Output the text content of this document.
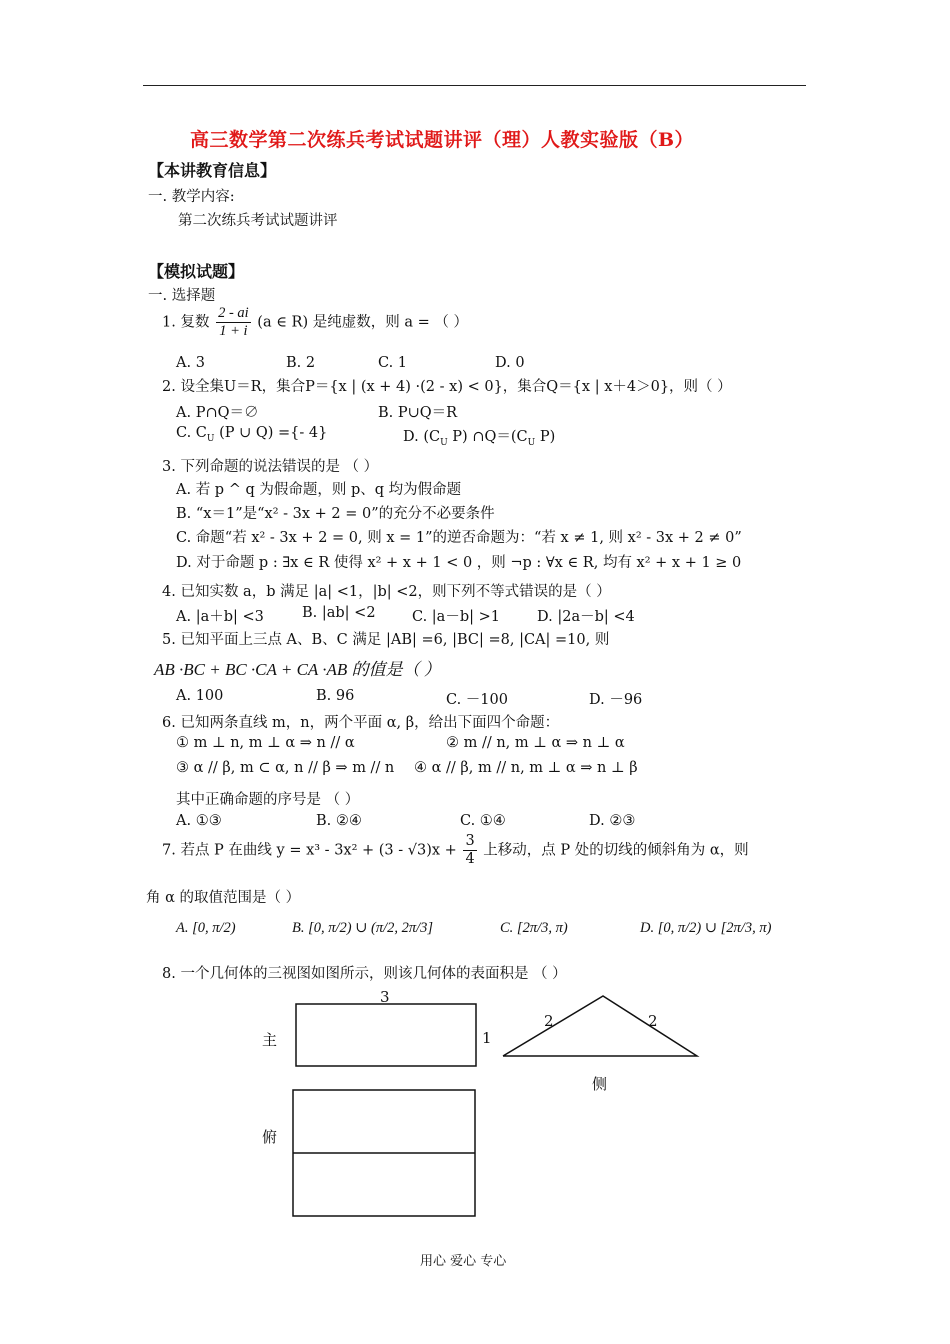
高三数学第二次练兵考试试题讲评（理）人教实验版（B）
【本讲教育信息】
一. 教学内容:
第二次练兵考试试题讲评
【模拟试题】
一. 选择题
1. 复数 $\frac{2 - ai}{1 + i} (a$ ∈ R) 是纯虚数，则 a = （ ）
A. 3	B. 2	C. 1	D. 0
2. 设全集U＝R，集合P＝{x | (x + 4) ·(2 - x) < 0}，集合Q＝{x | x＋4＞0}，则（ ）
A. P∩Q＝∅	B. P∪Q＝R
C. $C_U$ (P ∪ Q) ={- 4}	D. ($C_U$ P) $\cap Q=(C_U$ P)
3. 下列命题的说法错误的是 （ ）
A. 若 p ^ q 为假命题，则 p、q 均为假命题
B. “x＝1”是“x² - 3x + 2 = 0”的充分不必要条件
C. 命题“若 x² - 3x + 2 = 0, 则 x = 1”的逆否命题为：“若 x ≠ 1, 则 x² - 3x + 2 ≠ 0”
D. 对于命题 p : ∃x ∈ R 使得 x² + x + 1 < 0 ，则 ¬p : ∀x ∈ R, 均有 x² + x + 1 ≥ 0
4. 已知实数 a，b 满足 |a| <1，|b| <2，则下列不等式错误的是（ ）
A. |a＋b| <3	B. |ab| <2	C. |a－b| >1	D. |2a－b| <4
5. 已知平面上三点 A、B、C 满足 |AB| =6, |BC| =8, |CA| =10, 则
AB ·BC + BC ·CA + CA ·AB 的值是（ ）
A. 100	B. 96	C. －100	D. －96
6. 已知两条直线 m，n，两个平面 α, β，给出下面四个命题：
① m ⊥ n, m ⊥ α ⇒ n // α	② m // n, m ⊥ α ⇒ n ⊥ α
③ α // β, m ⊂ α, n // β ⇒ m // n ④ α // β, m // n, m ⊥ α ⇒ n ⊥ β
其中正确命题的序号是 （ ）
A. ①③	B. ②④	C. ①④	D. ②③
7. 若点 P 在曲线 $y = x^3 - 3x^2 + (3 - √3)x + \frac{3}{4}$ 上移动，点 P 处的切线的倾斜角为 α，则
角 α 的取值范围是（ ）
A. [0, π/2)	B. [0, π/2) ∪ (π/2, 2π/3]	C. [2π/3, π)	D. [0, π/2) ∪ [2π/3, π)
8. 一个几何体的三视图如图所示，则该几何体的表面积是 （ ）
主
3
1
2	2
侧
俯
用心 爱心 专心
